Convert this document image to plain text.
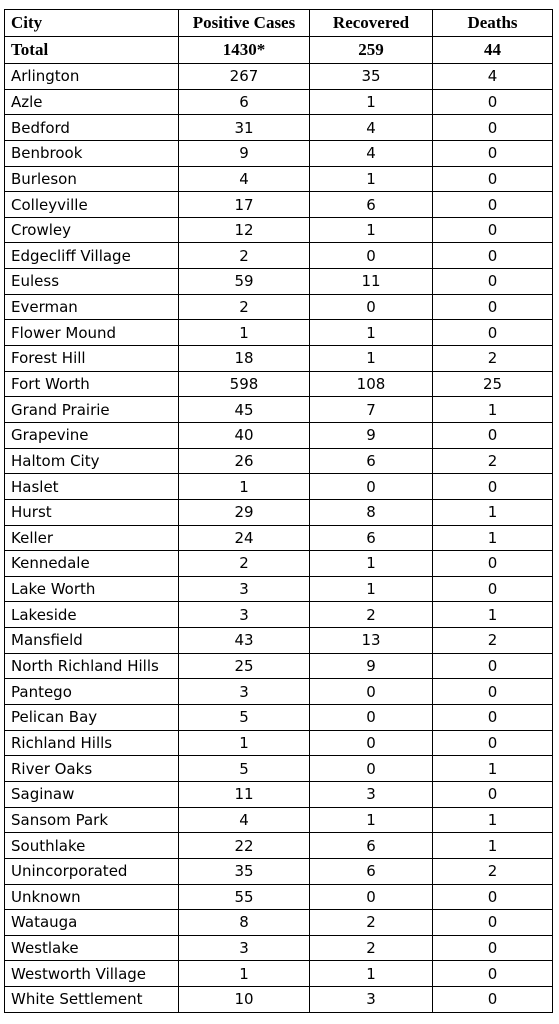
City	Positive Cases	Recovered	Deaths
Total	1430*	259	44
Arlington	267	35	4
Azle	6	1	0
Bedford	31	4	0
Benbrook	9	4	0
Burleson	4	1	0
Colleyville	17	6	0
Crowley	12	1	0
Edgecliff Village	2	0	0
Euless	59	11	0
Everman	2	0	0
Flower Mound	1	1	0
Forest Hill	18	1	2
Fort Worth	598	108	25
Grand Prairie	45	7	1
Grapevine	40	9	0
Haltom City	26	6	2
Haslet	1	0	0
Hurst	29	8	1
Keller	24	6	1
Kennedale	2	1	0
Lake Worth	3	1	0
Lakeside	3	2	1
Mansfield	43	13	2
North Richland Hills	25	9	0
Pantego	3	0	0
Pelican Bay	5	0	0
Richland Hills	1	0	0
River Oaks	5	0	1
Saginaw	11	3	0
Sansom Park	4	1	1
Southlake	22	6	1
Unincorporated	35	6	2
Unknown	55	0	0
Watauga	8	2	0
Westlake	3	2	0
Westworth Village	1	1	0
White Settlement	10	3	0
